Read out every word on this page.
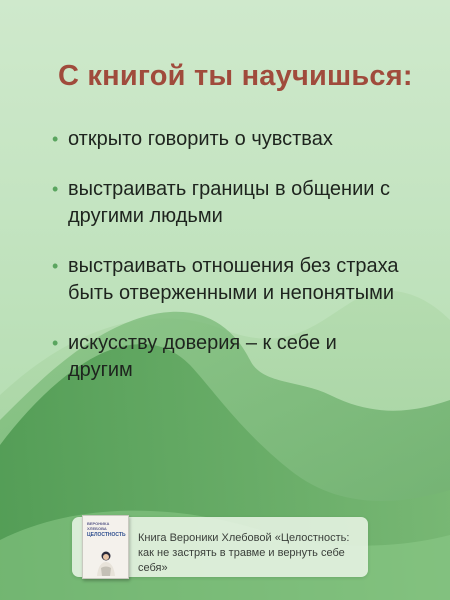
С книгой ты научишься:
• открыто говорить о чувствах
• выстраивать границы в общении с другими людьми
• выстраивать отношения без страха быть отверженными и непонятыми
• искусству доверия – к себе и другим
ВЕРОНИКА ХЛЕБОВА
ЦЕЛОСТНОСТЬ Книга Вероники Хлебовой «Целостность: как не застрять в травме и вернуть себе себя»
